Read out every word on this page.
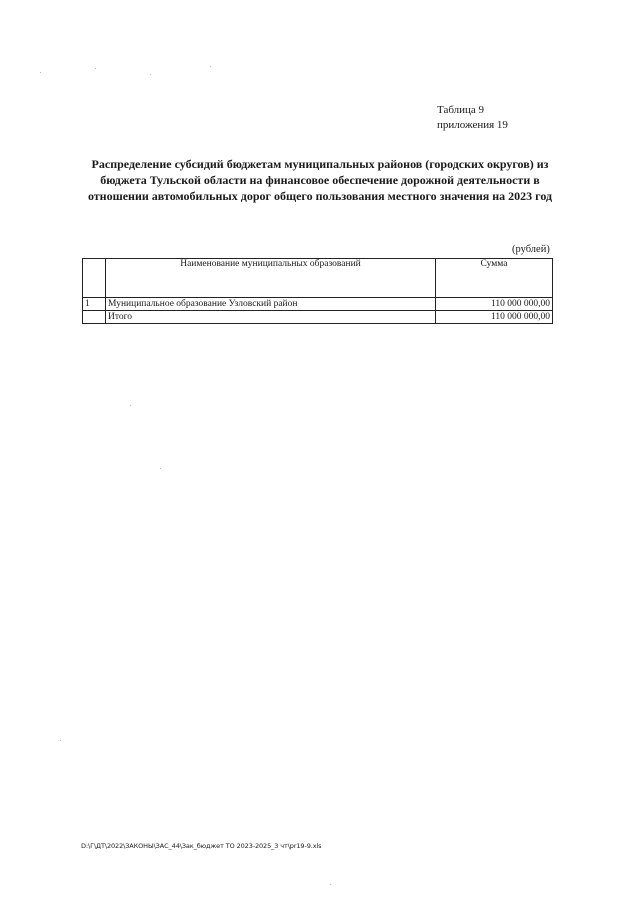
Таблица 9
приложения 19
Распределение субсидий бюджетам муниципальных районов (городских округов) из бюджета Тульской области на финансовое обеспечение дорожной деятельности в отношении автомобильных дорог общего пользования местного значения на 2023 год
(рублей)
	Наименование муниципальных образований	Сумма
1	Муниципальное образование Узловский район	110 000 000,00
	Итого	110 000 000,00
D:\Г\ДТ\2022\ЗАКОНЫ\ЗАС_44\Зак_бюджет ТО 2023-2025_3 чт\pr19-9.xls
